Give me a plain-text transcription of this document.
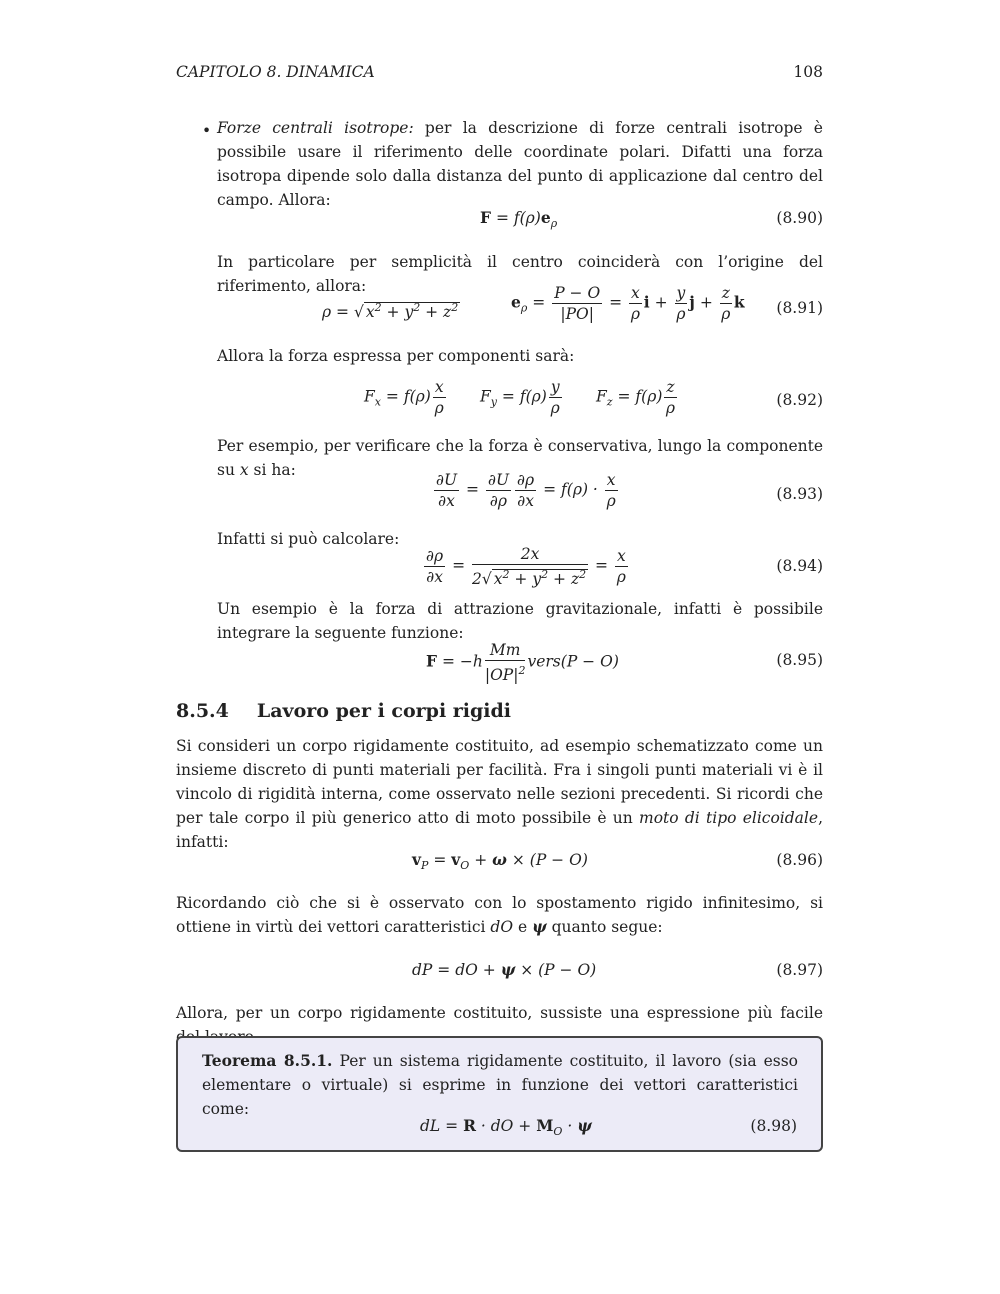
CAPITOLO 8. DINAMICA	108
• Forze centrali isotrope: per la descrizione di forze centrali isotrope è possibile usare il riferimento delle coordinate polari. Difatti una forza isotropa dipende solo dalla distanza del punto di applicazione dal centro del campo. Allora:
$F = f(\rho)e_\rho$	(8.90)
In particolare per semplicità il centro coinciderà con l’origine del riferimento, allora:
ρ = √ $x^2 + y^2 + z^2$	$e_\rho = \frac{P - O}{|PO|} = \frac{x}{\rho}$ $i + \frac{y}{\rho}$ $j + \frac{z}{\rho}$ k (8.91)
Allora la forza espressa per componenti sarà:
$F_x = f(\rho) \frac{x}{\rho} F_y = f(\rho) \frac{y}{\rho} F_z = f(\rho) \frac{z}{\rho}$	(8.92)
Per esempio, per verificare che la forza è conservativa, lungo la componente su x si ha:	$\frac{\partial U}{\partial x} = \frac{\partial U}{\partial\rho} \frac{\partial\rho}{\partial x} = f(\rho) \cdot \frac{x}{\rho}$	(8.93)
Infatti si può calcolare:
$\frac{\partial\rho}{\partial x} = \frac{2x}{2√ x^2 + y^2 + z^2} = \frac{x}{\rho}$	(8.94)
Un esempio è la forza di attrazione gravitazionale, infatti è possibile integrare la seguente funzione:
$F = -h \frac{Mm}{|OP|^2}$ vers(P − O)	(8.95)
8.5.4 Lavoro per i corpi rigidi
Si consideri un corpo rigidamente costituito, ad esempio schematizzato come un insieme discreto di punti materiali per facilità. Fra i singoli punti materiali vi è il vincolo di rigidità interna, come osservato nelle sezioni precedenti. Si ricordi che per tale corpo il più generico atto di moto possibile è un moto di tipo elicoidale, infatti:
$v_P = v_O + \omega \times (P - O)$	(8.96)
Ricordando ciò che si è osservato con lo spostamento rigido infinitesimo, si ottiene in virtù dei vettori caratteristici dO e ψ quanto segue:
dP = dO + ψ × (P − O)	(8.97)
Allora, per un corpo rigidamente costituito, sussiste una espressione più facile
Teorema 8.5.1. Per un sistema rigidamente costituito, il lavoro (sia esso elementare o virtuale) si esprime in funzione dei vettori caratteristici come:
dL = R · dO + $M_O \cdot \psi$	(8.98)
